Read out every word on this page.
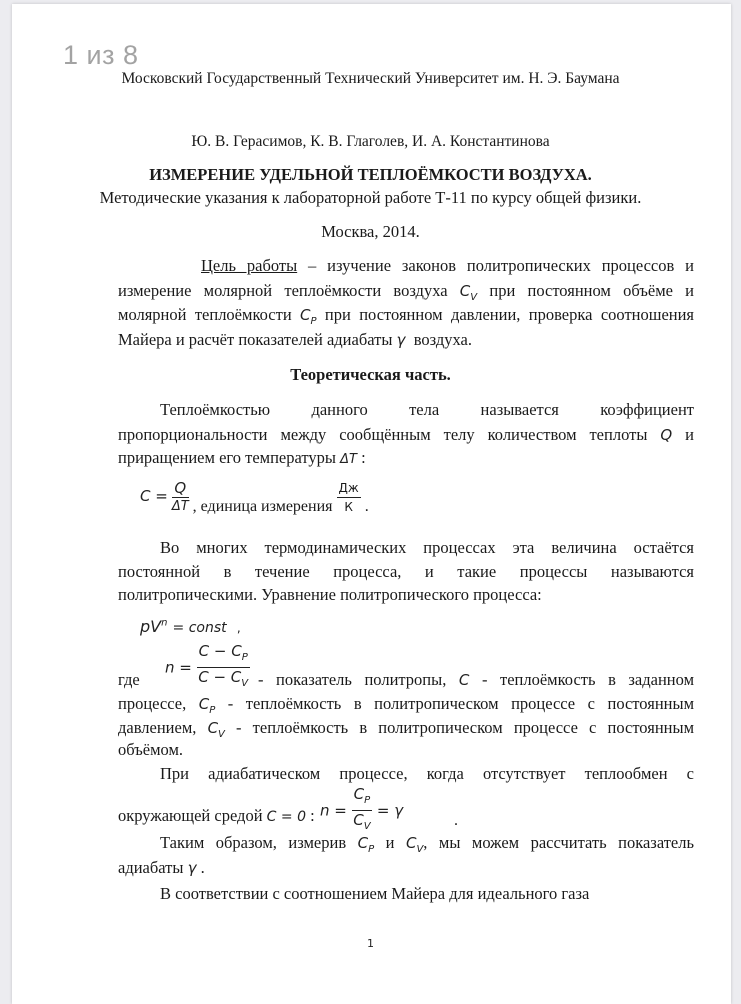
1 из 8
Московский Государственный Технический Университет им. Н. Э. Баумана
Ю. В. Герасимов, К. В. Глаголев, И. А. Константинова
ИЗМЕРЕНИЕ УДЕЛЬНОЙ ТЕПЛОЁМКОСТИ ВОЗДУХА.
Методические указания к лабораторной работе Т-11 по курсу общей физики.
Москва, 2014.
Цель работы – изучение законов политропических процессов и
измерение молярной теплоёмкости воздуха $C_V$ при постоянном объёме и
молярной теплоёмкости $C_P$ при постоянном давлении, проверка соотношения
Майера и расчёт показателей адиабаты γ воздуха.
Теоретическая часть.
Теплоёмкостью данного тела называется коэффициент
пропорциональности между сообщённым телу количеством теплоты Q и
приращением его температуры ΔT :
$C = \frac{Q}{\Delta T}$ , единица измерения $\frac{Дж}{К}$ .
Во многих термодинамических процессах эта величина остаётся
постоянной в течение процесса, и такие процессы называются
политропическими. Уравнение политропического процесса:
$pV^n$ = const ,
$n = \frac{C - C_P}{C - C_V}$
где	- показатель политропы, C - теплоёмкость в заданном
процессе, $C_P$ - теплоёмкость в политропическом процессе с постоянным
давлением, $C_V$ - теплоёмкость в политропическом процессе с постоянным
объёмом.
При адиабатическом процессе, когда отсутствует теплообмен с
окружающей средой C = 0 : $n = \frac{C_P}{C_V} = \gamma$
.
Таким образом, измерив $C_P$ и $C_V$, мы можем рассчитать показатель
адиабаты γ .
В соответствии с соотношением Майера для идеального газа
1
